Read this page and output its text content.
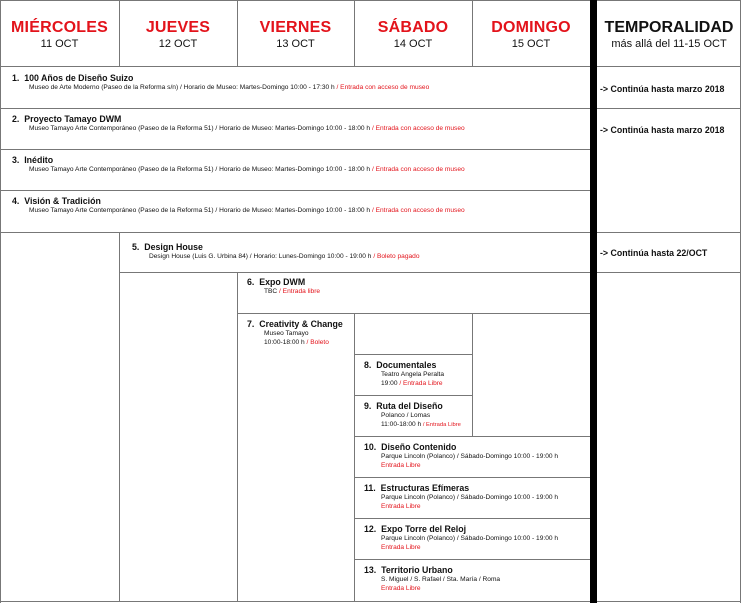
MIÉRCOLES
11 OCT
JUEVES
12 OCT
VIERNES
13 OCT
SÁBADO
14 OCT
DOMINGO
15 OCT
TEMPORALIDAD
más allá del 11-15 OCT
1. 100 Años de Diseño Suizo
Museo de Arte Moderno (Paseo de la Reforma s/n) / Horario de Museo: Martes-Domingo 10:00 - 17:30 h / Entrada con acceso de museo
2. Proyecto Tamayo DWM
Museo Tamayo Arte Contemporáneo (Paseo de la Reforma 51) / Horario de Museo: Martes-Domingo 10:00 - 18:00 h / Entrada con acceso de museo
3. Inédito
Museo Tamayo Arte Contemporáneo (Paseo de la Reforma 51) / Horario de Museo: Martes-Domingo 10:00 - 18:00 h / Entrada con acceso de museo
4. Visión & Tradición
Museo Tamayo Arte Contemporáneo (Paseo de la Reforma 51) / Horario de Museo: Martes-Domingo 10:00 - 18:00 h / Entrada con acceso de museo
5. Design House
Design House (Luis G. Urbina 84) / Horario: Lunes-Domingo 10:00 - 19:00 h / Boleto pagado
6. Expo DWM
TBC / Entrada libre
7. Creativity & Change
Museo Tamayo
10:00-18:00 h / Boleto
8. Documentales
Teatro Angela Peralta
19:00 / Entrada Libre
9. Ruta del Diseño
Polanco / Lomas
11:00-18:00 h / Entrada Libre
10. Diseño Contenido
Parque Lincoln (Polanco) / Sábado-Domingo 10:00 - 19:00 h
Entrada Libre
11. Estructuras Efímeras
Parque Lincoln (Polanco) / Sábado-Domingo 10:00 - 19:00 h
Entrada Libre
12. Expo Torre del Reloj
Parque Lincoln (Polanco) / Sábado-Domingo 10:00 - 19:00 h
Entrada Libre
13. Territorio Urbano
S. Miguel / S. Rafael / Sta. María / Roma
Entrada Libre
-> Continúa hasta marzo 2018
-> Continúa hasta marzo 2018
-> Continúa hasta 22/OCT
